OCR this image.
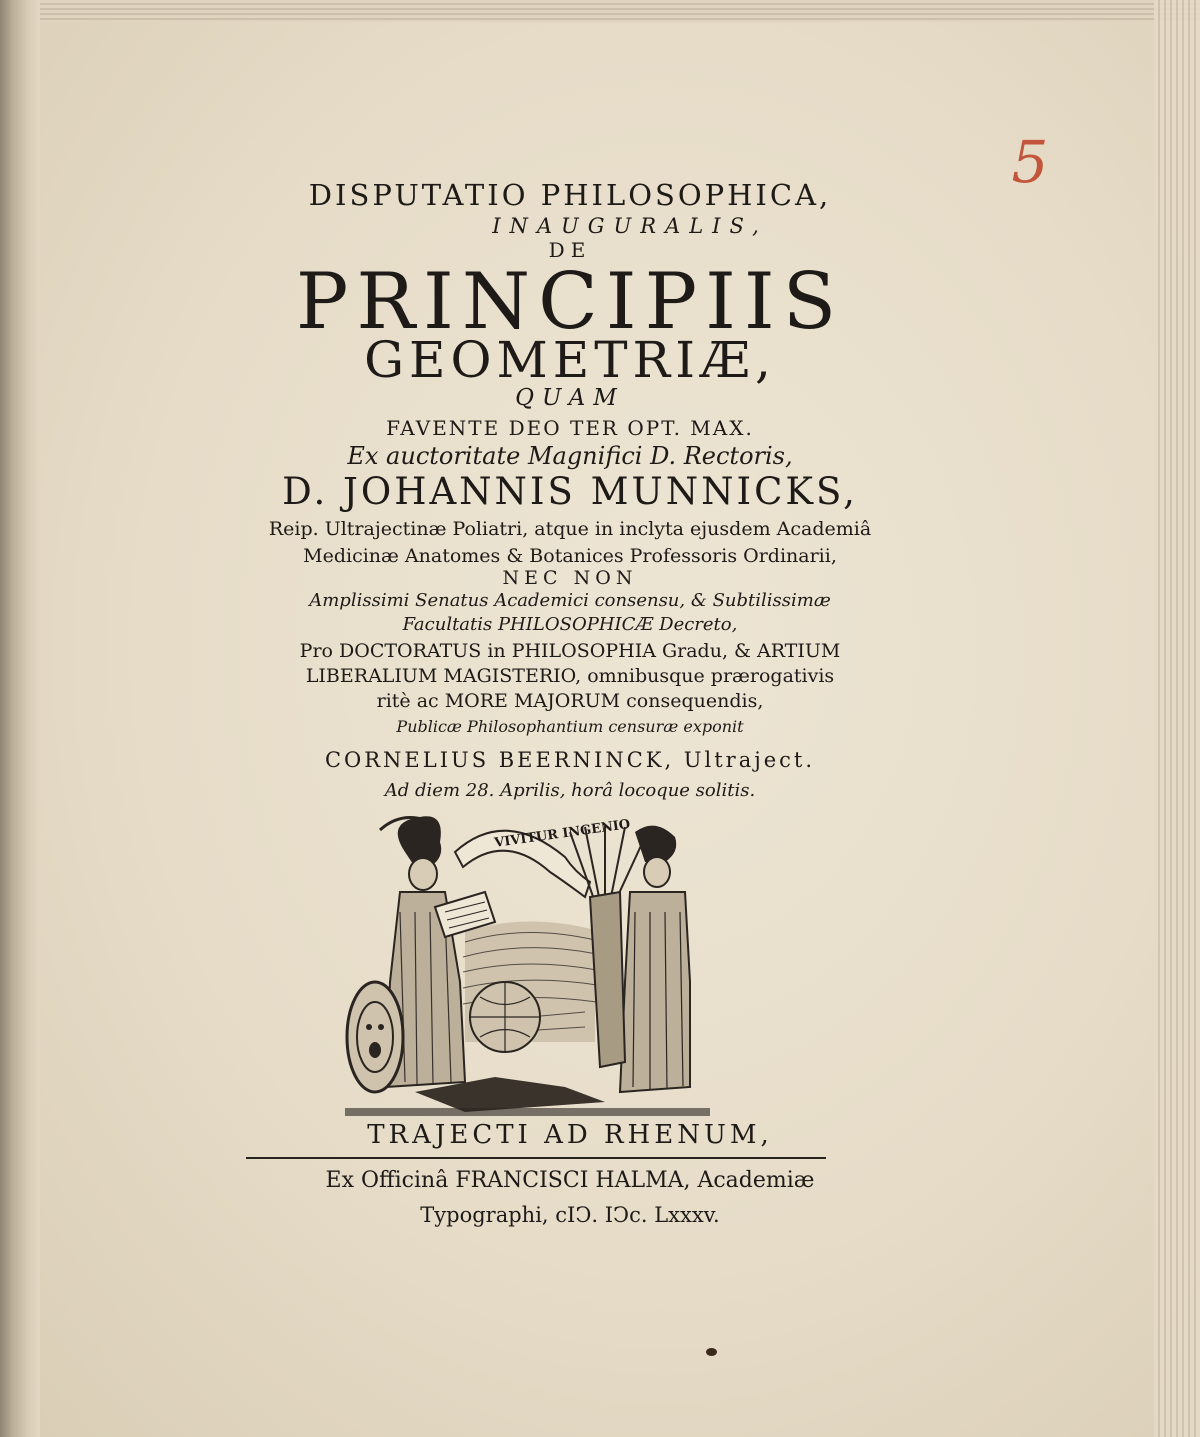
5
DISPUTATIO PHILOSOPHICA,
INAUGURALIS,
DE
PRINCIPIIS
GEOMETRIÆ,
QUAM
FAVENTE DEO TER OPT. MAX.
Ex auctoritate Magnifici D. Rectoris,
D. JOHANNIS MUNNICKS,
Reip. Ultrajectinæ Poliatri, atque in inclyta ejusdem Academiâ
Medicinæ Anatomes & Botanices Professoris Ordinarii,
NEC NON
Amplissimi Senatus Academici consensu, & Subtilissimæ
Facultatis PHILOSOPHICÆ Decreto,
Pro DOCTORATUS in PHILOSOPHIA Gradu, & ARTIUM
LIBERALIUM MAGISTERIO, omnibusque prærogativis
ritè ac MORE MAJORUM consequendis,
Publicæ Philosophantium censuræ exponit
CORNELIUS BEERNINCK, Ultraject.
Ad diem 28. Aprilis, horâ locoque solitis.
VIVITUR INGENIO
TRAJECTI AD RHENUM,
Ex Officinâ FRANCISCI HALMA, Academiæ
Typographi, cIↃ. IↃc. Lxxxv.
